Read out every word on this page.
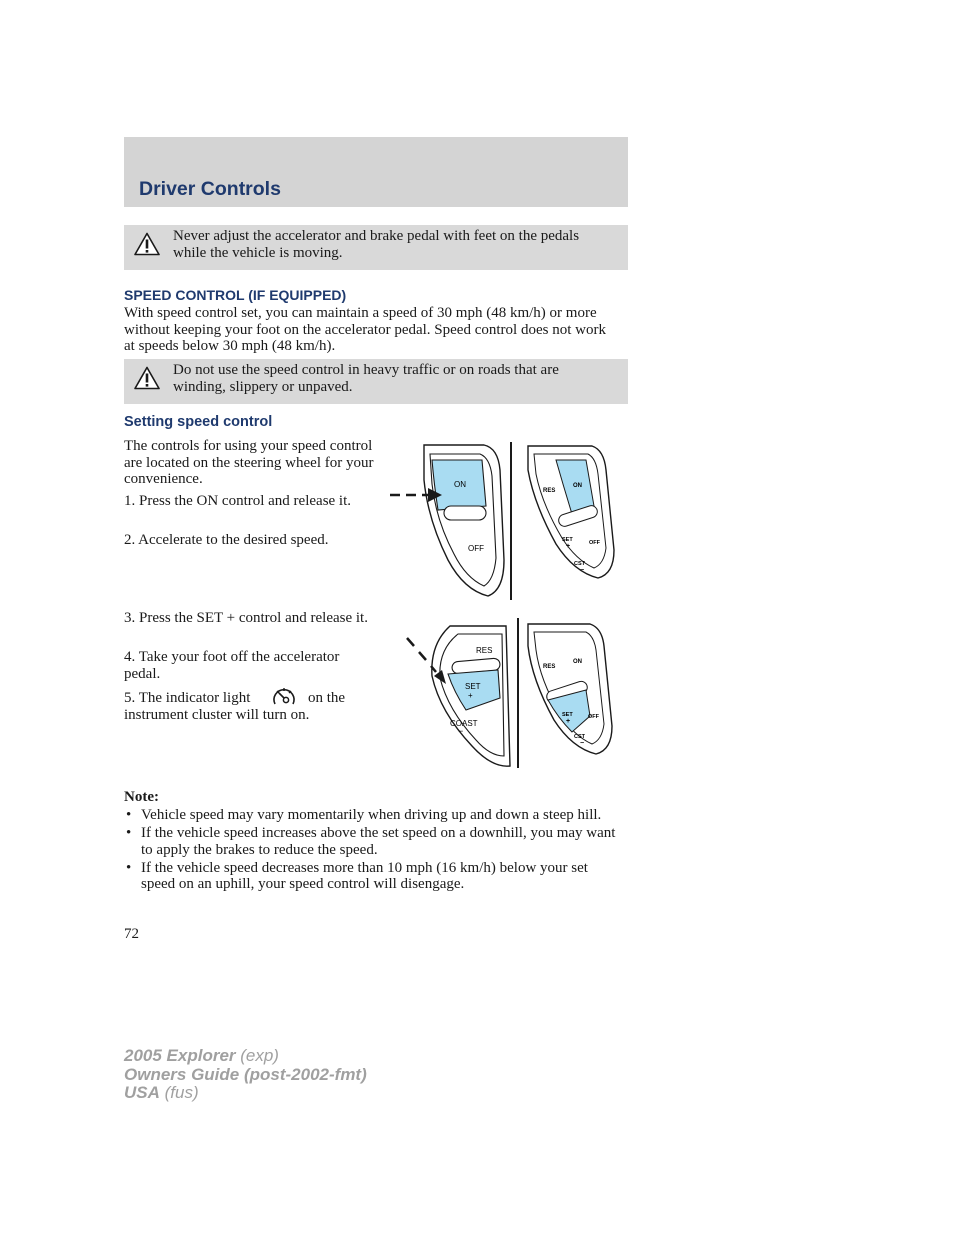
Driver Controls
Never adjust the accelerator and brake pedal with feet on the pedals while the vehicle is moving.
SPEED CONTROL (IF EQUIPPED)
With speed control set, you can maintain a speed of 30 mph (48 km/h) or more without keeping your foot on the accelerator pedal. Speed control does not work at speeds below 30 mph (48 km/h).
Do not use the speed control in heavy traffic or on roads that are winding, slippery or unpaved.
Setting speed control
The controls for using your speed control are located on the steering wheel for your convenience.
1. Press the ON control and release it.
2. Accelerate to the desired speed.
3. Press the SET + control and release it.
4. Take your foot off the accelerator pedal.
5. The indicator light	on the
instrument cluster will turn on.
ON
OFF
RES
ON
SET
+	OFF
CST
−
RES
SET
+
COAST
−
RES
ON
SET
+
OFF
CST
−
Note:
• Vehicle speed may vary momentarily when driving up and down a steep hill.
• If the vehicle speed increases above the set speed on a downhill, you may want to apply the brakes to reduce the speed.
• If the vehicle speed decreases more than 10 mph (16 km/h) below your set speed on an uphill, your speed control will disengage.
72
2005 Explorer (exp)
Owners Guide (post-2002-fmt)
USA (fus)
